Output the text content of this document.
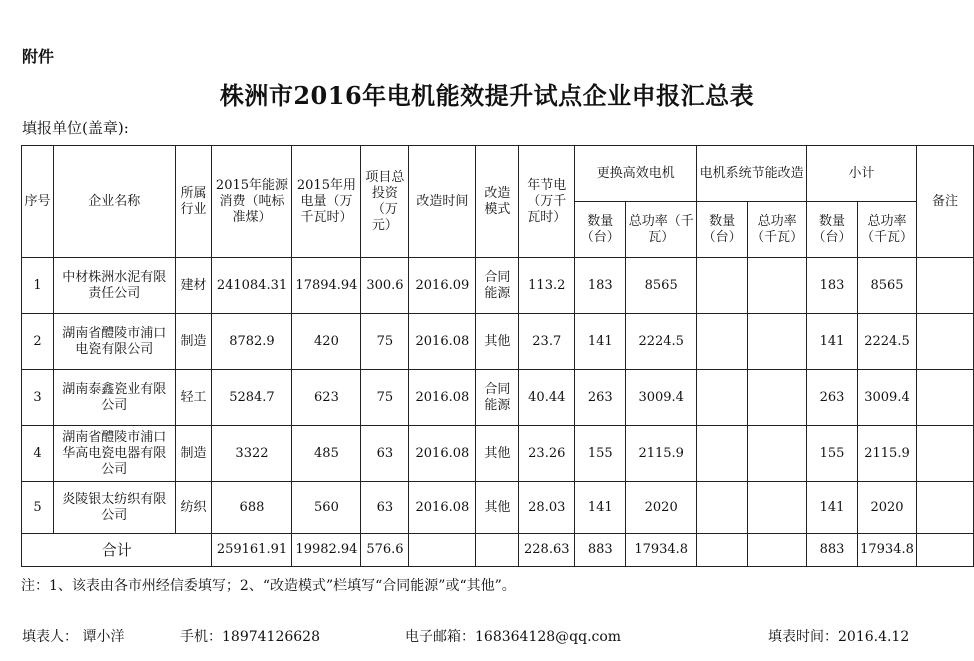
附件
株洲市2016年电机能效提升试点企业申报汇总表
填报单位(盖章):
序号	企业名称	所属行业	2015年能源消费（吨标准煤）	2015年用电量（万千瓦时）	项目总投资（万元）	改造时间	改造模式	年节电（万千瓦时）	更换高效电机		电机系统节能改造		小计		备注
									数量（台）	总功率（千瓦）	数量（台）	总功率（千瓦）	数量（台）	总功率（千瓦）	
1	中材株洲水泥有限责任公司	建材	241084.31	17894.94	300.6	2016.09	合同能源	113.2	183	8565			183	8565	
2	湖南省醴陵市浦口电瓷有限公司	制造	8782.9	420	75	2016.08	其他	23.7	141	2224.5			141	2224.5	
3	湖南泰鑫瓷业有限公司	轻工	5284.7	623	75	2016.08	合同能源	40.44	263	3009.4			263	3009.4	
4	湖南省醴陵市浦口华高电瓷电器有限公司	制造	3322	485	63	2016.08	其他	23.26	155	2115.9			155	2115.9	
5	炎陵银太纺织有限公司	纺织	688	560	63	2016.08	其他	28.03	141	2020			141	2020	
合计			259161.91	19982.94	576.6			228.63	883	17934.8			883	17934.8	
注：1、该表由各市州经信委填写；2、“改造模式”栏填写“合同能源”或“其他”。
填表人： 谭小洋	手机：18974126628	电子邮箱：168364128@qq.com	填表时间：2016.4.12
